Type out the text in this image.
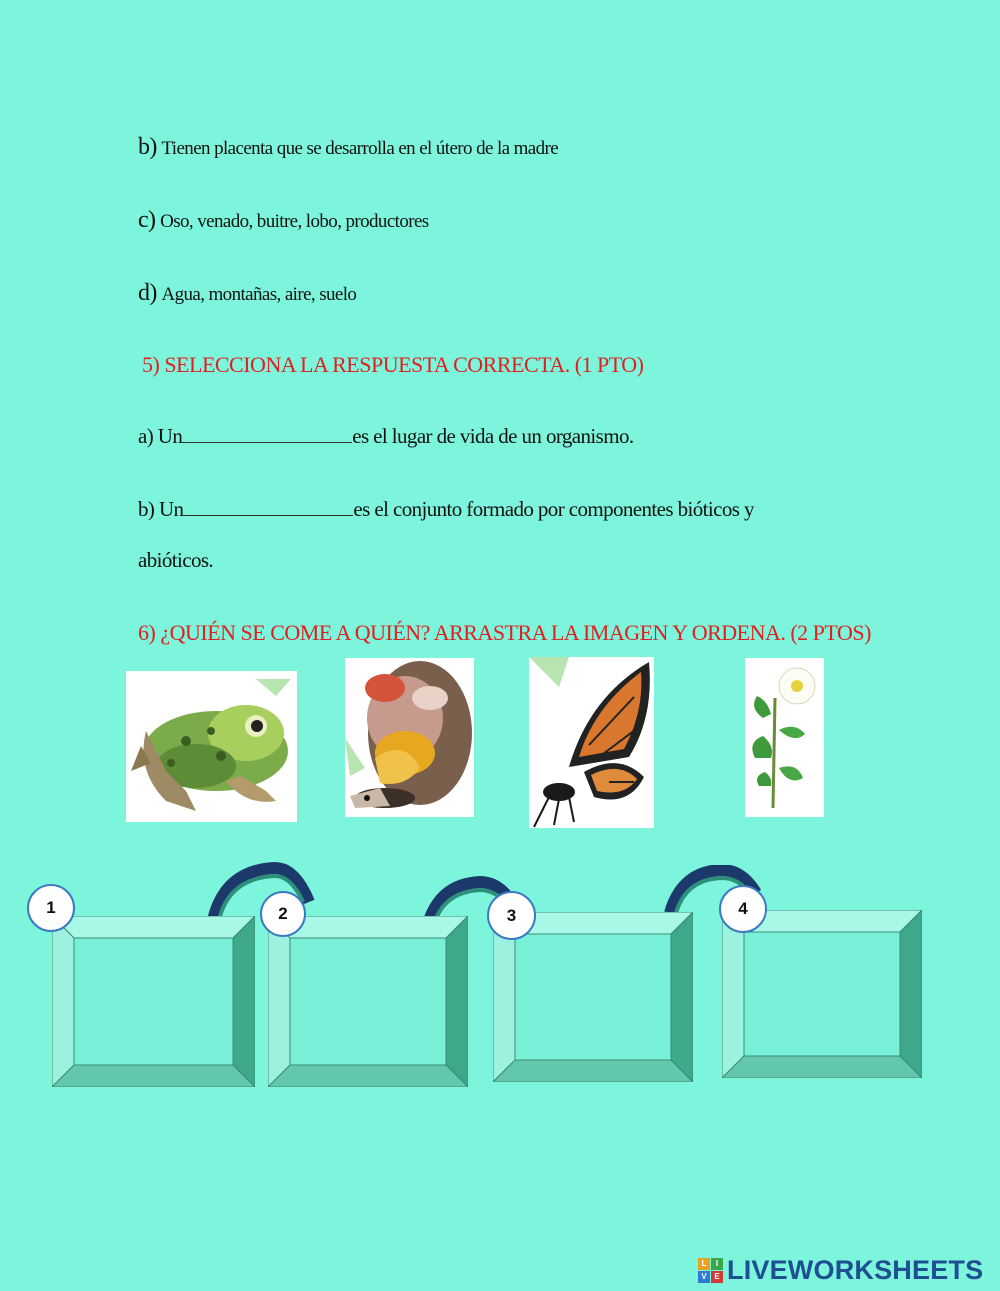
b) Tienen placenta que se desarrolla en el útero de la madre
c) Oso, venado, buitre, lobo, productores
d) Agua, montañas, aire, suelo
5) SELECCIONA LA RESPUESTA CORRECTA. (1 PTO)
a) Un	es el lugar de vida de un organismo.
b) Un	es el conjunto formado por componentes bióticos y
abióticos.
6) ¿QUIÉN SE COME A QUIÉN? ARRASTRA LA IMAGEN Y ORDENA. (2 PTOS)
1	2	3	4
L	I
V E LIVEWORKSHEETS
